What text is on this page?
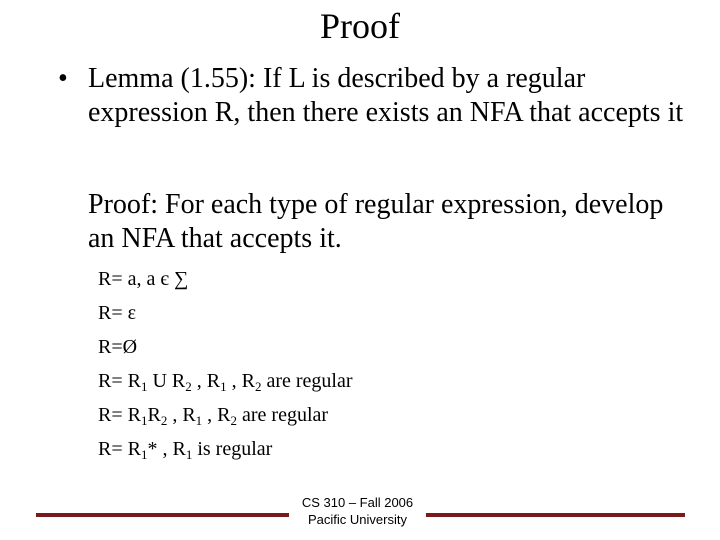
Proof
• Lemma (1.55): If L is described by a regular expression R, then there exists an NFA that accepts it
Proof: For each type of regular expression, develop an NFA that accepts it.
R= a, a є ∑
R= ε
R=Ø
$R= R_1$ U $R_2$ , $R_1$ , $R_2$ are regular
$R= R_1R_2$ , $R_1$ , $R_2$ are regular
$R= R_1*$ , $R_1$ is regular
CS 310 – Fall 2006
Pacific University
